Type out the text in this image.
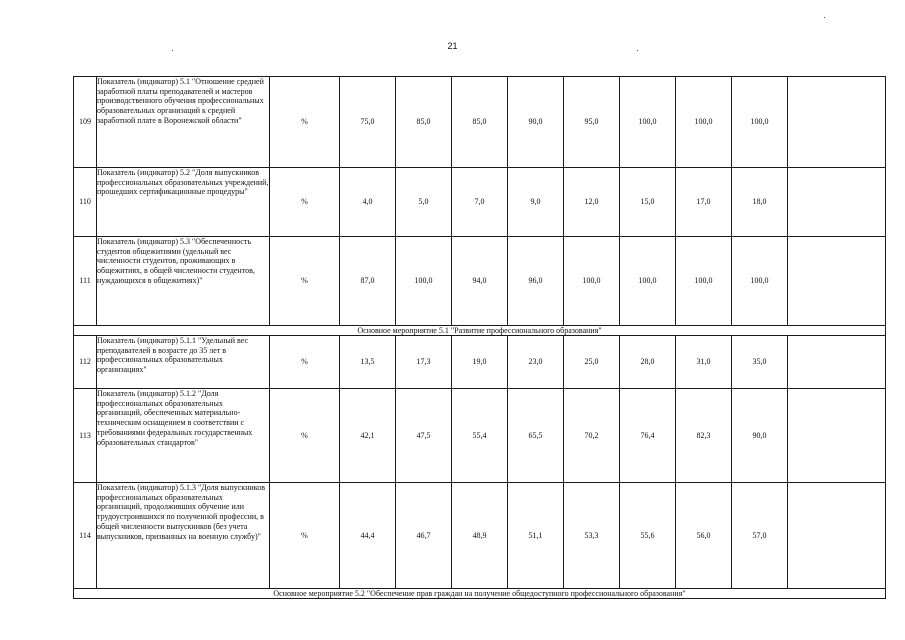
21
109	Показатель (индикатор) 5.1 "Отношение средней заработной платы преподавателей и мастеров производственного обучения профессиональных образовательных организаций к средней заработной плате в Воронежской области"	%	75,0	85,0	85,0	90,0	95,0	100,0	100,0	100,0	
110	Показатель (индикатор) 5.2 "Доля выпускников профессиональных образовательных учреждений, прошедших сертификационные процедуры"	%	4,0	5,0	7,0	9,0	12,0	15,0	17,0	18,0	
111	Показатель (индикатор) 5.3 "Обеспеченность студентов общежитиями (удельный вес численности студентов, проживающих в общежитиях, в общей численности студентов, нуждающихся в общежитиях)"	%	87,0	100,0	94,0	96,0	100,0	100,0	100,0	100,0	

Основное мероприятие 5.1 "Развитие профессионального образования"											

112	Показатель (индикатор) 5.1.1 "Удельный вес преподавателей в возрасте до 35 лет в профессиональных образовательных организациях"	%	13,5	17,3	19,0	23,0	25,0	28,0	31,0	35,0	
113	Показатель (индикатор) 5.1.2 "Доля профессиональных образовательных организаций, обеспеченных материально-техническим оснащением в соответствии с требованиями федеральных государственных образовательных стандартов"	%	42,1	47,5	55,4	65,5	70,2	76,4	82,3	90,0	
114	Показатель (индикатор) 5.1.3 "Доля выпускников профессиональных образовательных организаций, продолживших обучение или трудоустроившихся по полученной профессии, в общей численности выпускников (без учета выпускников, призванных на военную службу)"	%	44,4	46,7	48,9	51,1	53,3	55,6	56,0	57,0	

Основное мероприятие 5.2 "Обеспечение прав граждан на получение общедоступного профессионального образования"											
